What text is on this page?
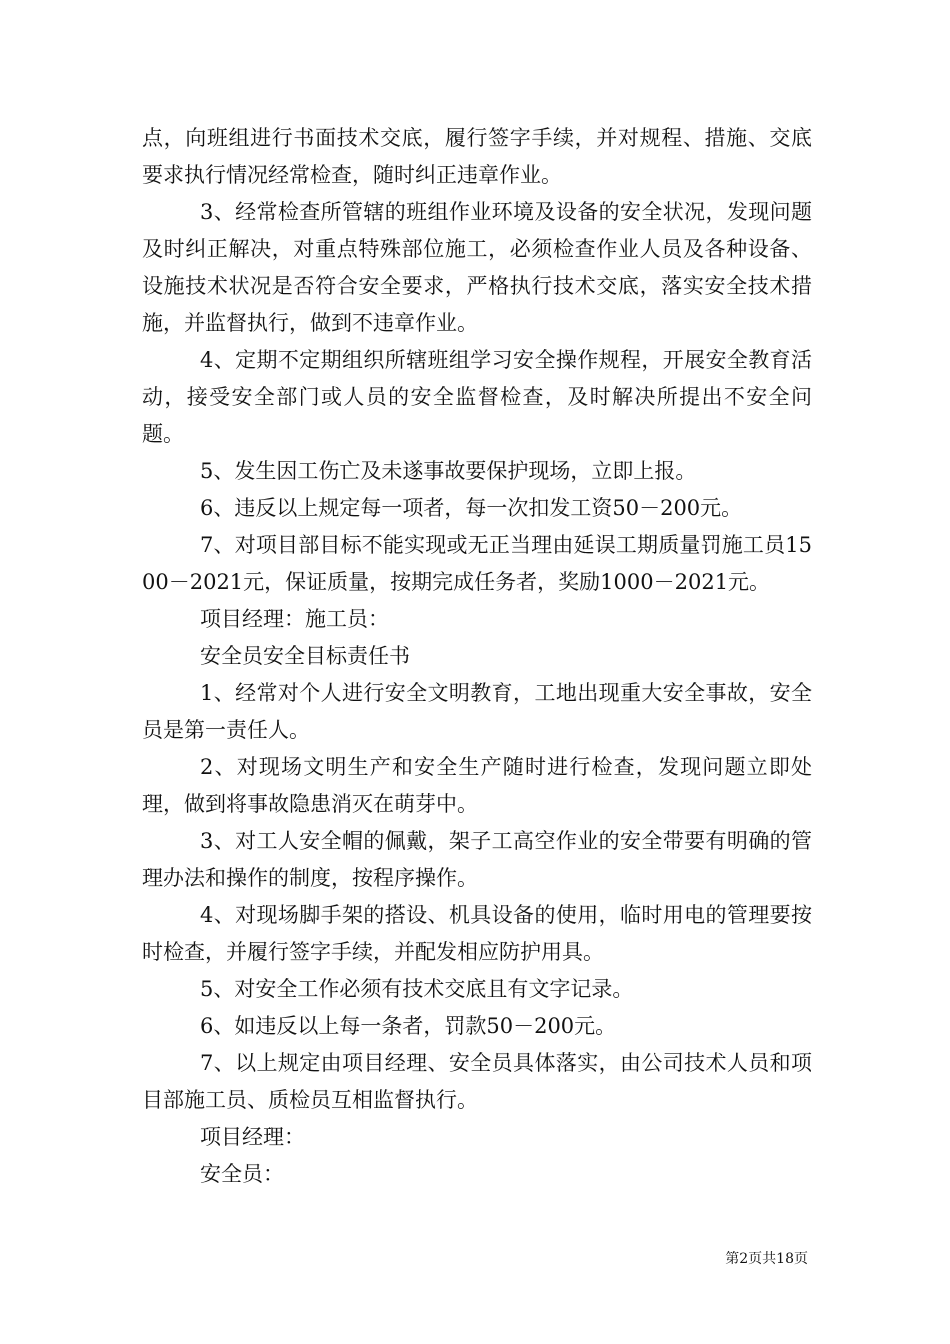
点，向班组进行书面技术交底，履行签字手续，并对规程、措施、交底要求执行情况经常检查，随时纠正违章作业。

3、经常检查所管辖的班组作业环境及设备的安全状况，发现问题及时纠正解决，对重点特殊部位施工，必须检查作业人员及各种设备、设施技术状况是否符合安全要求，严格执行技术交底，落实安全技术措施，并监督执行，做到不违章作业。

4、定期不定期组织所辖班组学习安全操作规程，开展安全教育活动，接受安全部门或人员的安全监督检查，及时解决所提出不安全问题。

5、发生因工伤亡及未遂事故要保护现场，立即上报。

6、违反以上规定每一项者，每一次扣发工资50－200元。

7、对项目部目标不能实现或无正当理由延误工期质量罚施工员1500－2021元，保证质量，按期完成任务者，奖励1000－2021元。

项目经理：施工员：

安全员安全目标责任书

1、经常对个人进行安全文明教育，工地出现重大安全事故，安全员是第一责任人。

2、对现场文明生产和安全生产随时进行检查，发现问题立即处理，做到将事故隐患消灭在萌芽中。

3、对工人安全帽的佩戴，架子工高空作业的安全带要有明确的管理办法和操作的制度，按程序操作。

4、对现场脚手架的搭设、机具设备的使用，临时用电的管理要按时检查，并履行签字手续，并配发相应防护用具。

5、对安全工作必须有技术交底且有文字记录。

6、如违反以上每一条者，罚款50－200元。

7、以上规定由项目经理、安全员具体落实，由公司技术人员和项目部施工员、质检员互相监督执行。

项目经理：

安全员：

第2页共18页
